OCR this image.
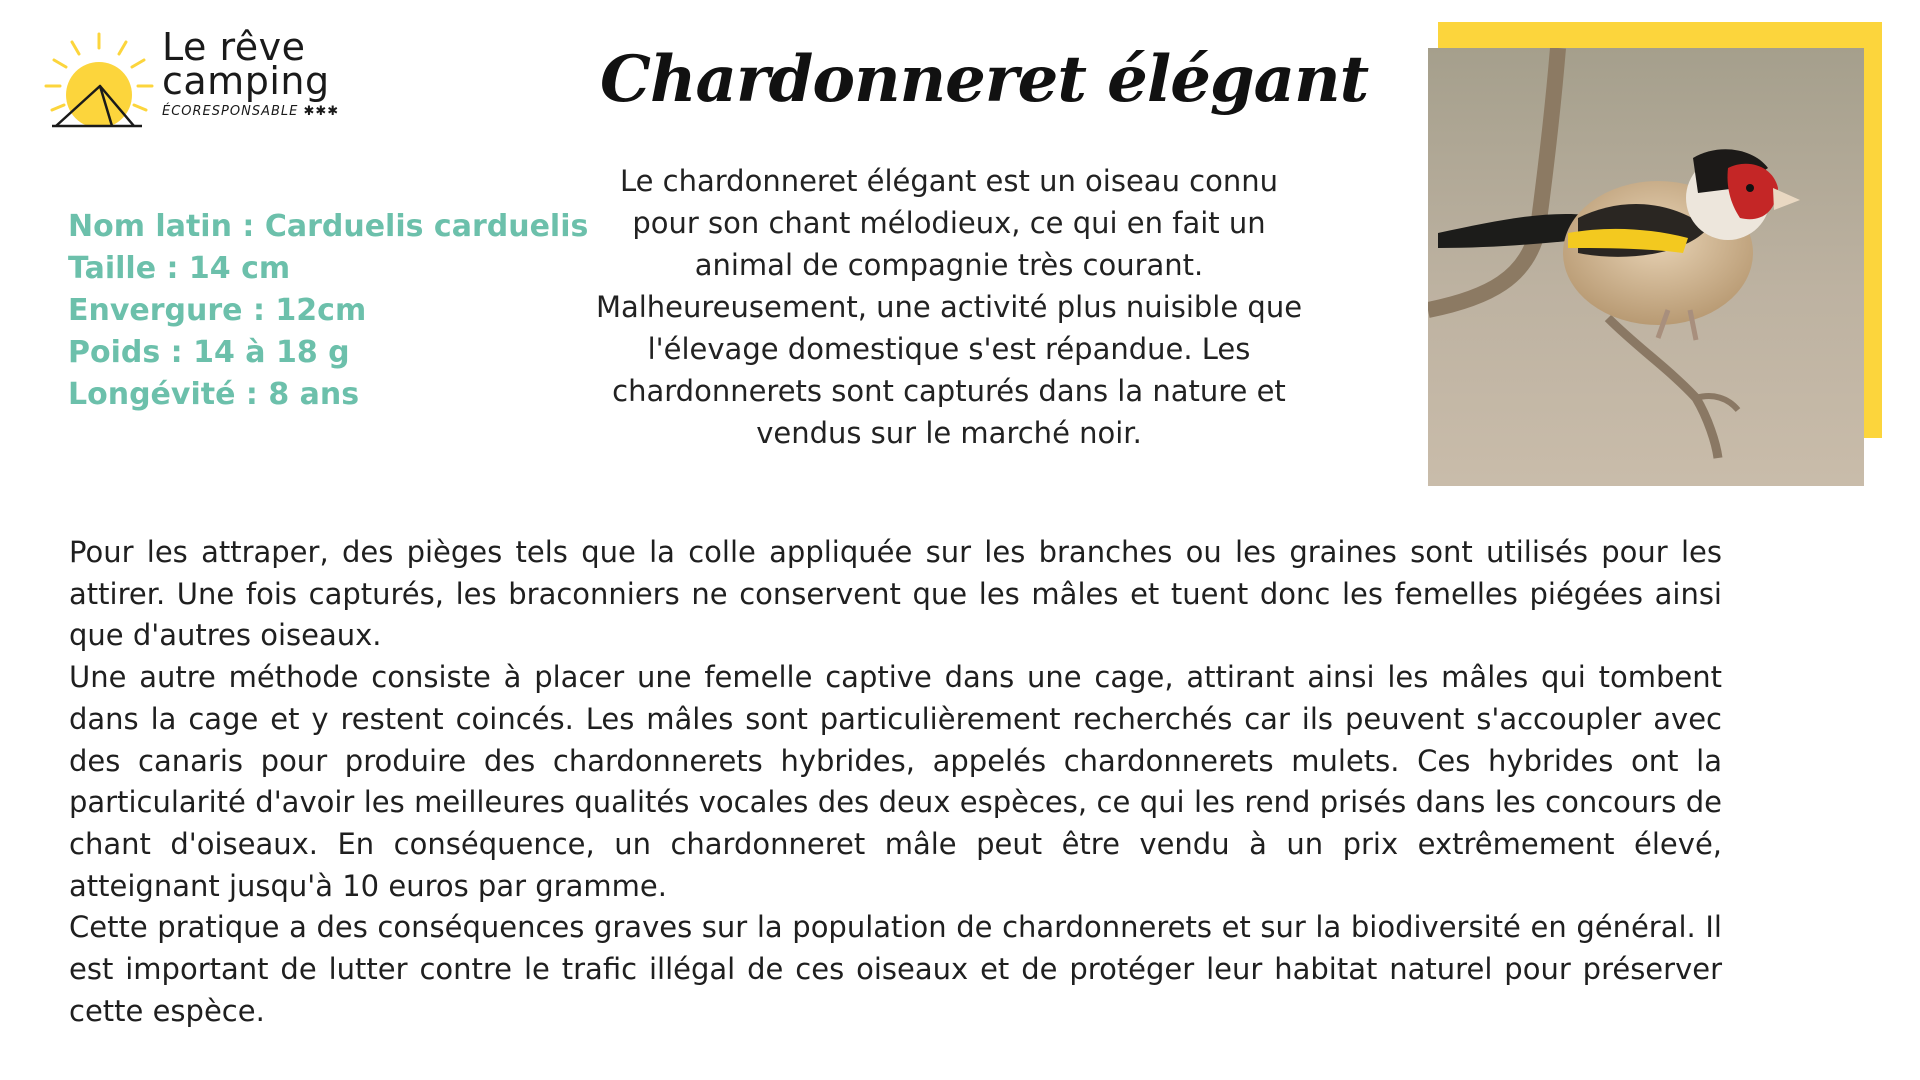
Le rêve
camping
ÉCORESPONSABLE ✱✱✱	Chardonneret élégant
Nom latin : Carduelis carduelis
Taille : 14 cm
Envergure : 12cm
Poids : 14 à 18 g
Longévité : 8 ans
Le chardonneret élégant est un oiseau connu pour son chant mélodieux, ce qui en fait un animal de compagnie très courant. Malheureusement, une activité plus nuisible que l'élevage domestique s'est répandue. Les chardonnerets sont capturés dans la nature et vendus sur le marché noir.

Pour les attraper, des pièges tels que la colle appliquée sur les branches ou les graines sont utilisés pour les attirer. Une fois capturés, les braconniers ne conservent que les mâles et tuent donc les femelles piégées ainsi que d'autres oiseaux.

Une autre méthode consiste à placer une femelle captive dans une cage, attirant ainsi les mâles qui tombent dans la cage et y restent coincés. Les mâles sont particulièrement recherchés car ils peuvent s'accoupler avec des canaris pour produire des chardonnerets hybrides, appelés chardonnerets mulets. Ces hybrides ont la particularité d'avoir les meilleures qualités vocales des deux espèces, ce qui les rend prisés dans les concours de chant d'oiseaux. En conséquence, un chardonneret mâle peut être vendu à un prix extrêmement élevé, atteignant jusqu'à 10 euros par gramme.

Cette pratique a des conséquences graves sur la population de chardonnerets et sur la biodiversité en général. Il est important de lutter contre le trafic illégal de ces oiseaux et de protéger leur habitat naturel pour préserver cette espèce.
